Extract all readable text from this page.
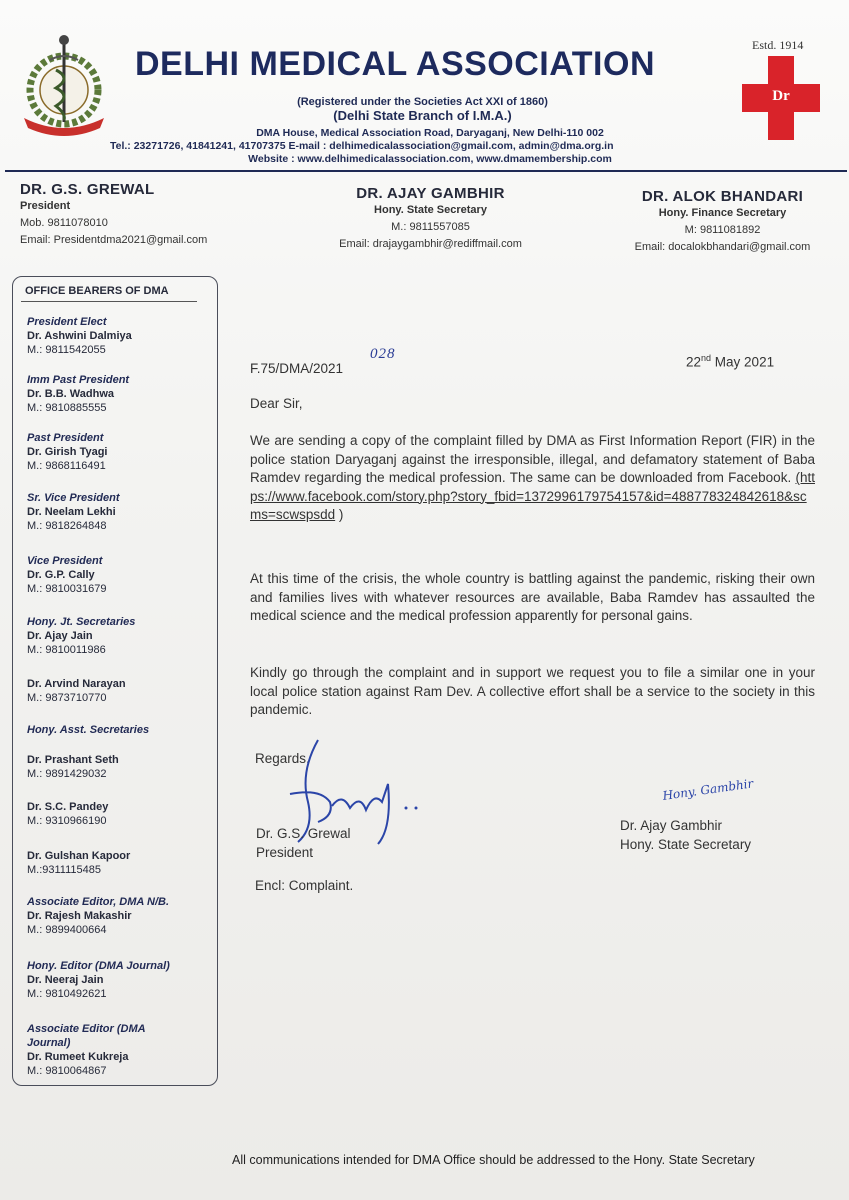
DELHI MEDICAL ASSOCIATION	Estd. 1914
Dr
(Registered under the Societies Act XXI of 1860)
(Delhi State Branch of I.M.A.)
DMA House, Medical Association Road, Daryaganj, New Delhi-110 002
Tel.: 23271726, 41841241, 41707375 E-mail : delhimedicalassociation@gmail.com, admin@dma.org.in
Website : www.delhimedicalassociation.com, www.dmamembership.com
DR. G.S. GREWAL
President
Mob. 9811078010
Email: Presidentdma2021@gmail.com
DR. AJAY GAMBHIR
Hony. State Secretary
M.: 9811557085
Email: drajaygambhir@rediffmail.com
DR. ALOK BHANDARI
Hony. Finance Secretary
M: 9811081892
Email: docalokbhandari@gmail.com
OFFICE BEARERS OF DMA
President Elect
Dr. Ashwini Dalmiya
M.: 9811542055
Imm Past President
Dr. B.B. Wadhwa
M.: 9810885555
Past President
Dr. Girish Tyagi
M.: 9868116491
Sr. Vice President
Dr. Neelam Lekhi
M.: 9818264848
Vice President
Dr. G.P. Cally
M.: 9810031679
Hony. Jt. Secretaries
Dr. Ajay Jain
M.: 9810011986
Dr. Arvind Narayan
M.: 9873710770
Hony. Asst. Secretaries
Dr. Prashant Seth
M.: 9891429032
Dr. S.C. Pandey
M.: 9310966190
Dr. Gulshan Kapoor
M.:9311115485
Associate Editor, DMA N/B.
Dr. Rajesh Makashir
M.: 9899400664
Hony. Editor (DMA Journal)
Dr. Neeraj Jain
M.: 9810492621
Associate Editor (DMA Journal)
Dr. Rumeet Kukreja
M.: 9810064867
F.75/DMA/2021
028	22nd May 2021
Dear Sir,
We are sending a copy of the complaint filled by DMA as First Information Report (FIR) in the police station Daryaganj against the irresponsible, illegal, and defamatory statement of Baba Ramdev regarding the medical profession. The same can be downloaded from Facebook. (https://www.facebook.com/story.php?story_fbid=1372996179754157&id=488778324842618&scms=scwspsdd )
At this time of the crisis, the whole country is battling against the pandemic, risking their own and families lives with whatever resources are available, Baba Ramdev has assaulted the medical science and the medical profession apparently for personal gains.
Kindly go through the complaint and in support we request you to file a similar one in your local police station against Ram Dev. A collective effort shall be a service to the society in this pandemic.
Regards,
Hony. Gambhir
Dr. G.S. Grewal
President
Dr. Ajay Gambhir
Hony. State Secretary
Encl: Complaint.
All communications intended for DMA Office should be addressed to the Hony. State Secretary
